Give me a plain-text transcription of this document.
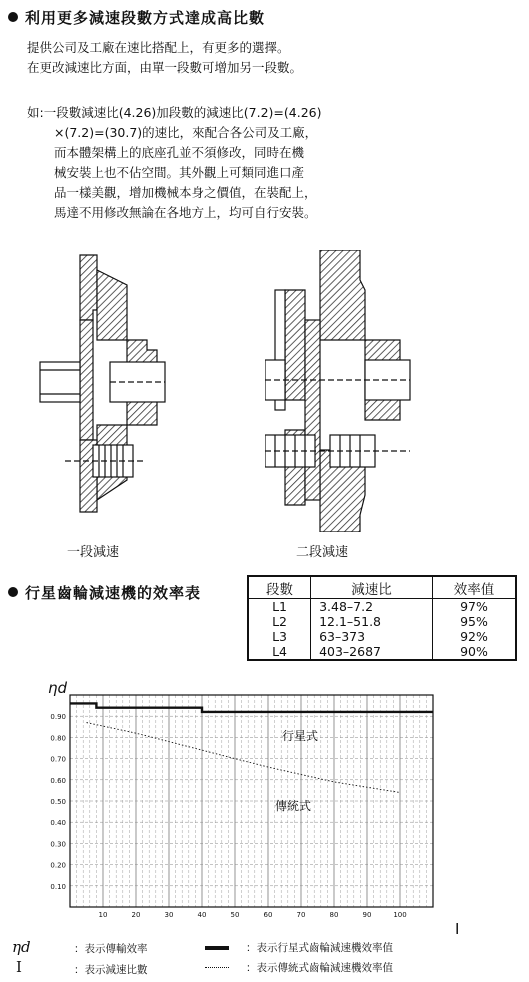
利用更多減速段數方式達成高比數
提供公司及工廠在速比搭配上，有更多的選擇。
在更改減速比方面，由單一段數可增加另一段數。
如:一段數減速比(4.26)加段數的減速比(7.2)=(4.26)
×(7.2)=(30.7)的速比，來配合各公司及工廠，
而本體架構上的底座孔並不須修改，同時在機
械安裝上也不佔空間。其外觀上可類同進口產
品一樣美觀，增加機械本身之價值，在裝配上，
馬達不用修改無論在各地方上，均可自行安裝。
一段減速	二段減速
行星齒輪減速機的效率表	段數	減速比	效率值
L1	3.48–7.2	97%
L2	12.1–51.8	95%
L3	63–373	92%
L4	403–2687	90%
0.10
0.20
0.30
0.40
0.50
0.60
0.70
0.80
0.90
10	20	30	40	50	60	70	80	90	100
ηd
I
行星式
傳統式
ηd	：表示傳輸效率
I	：表示減速比數
：表示行星式齒輪減速機效率值
：表示傳統式齒輪減速機效率值
